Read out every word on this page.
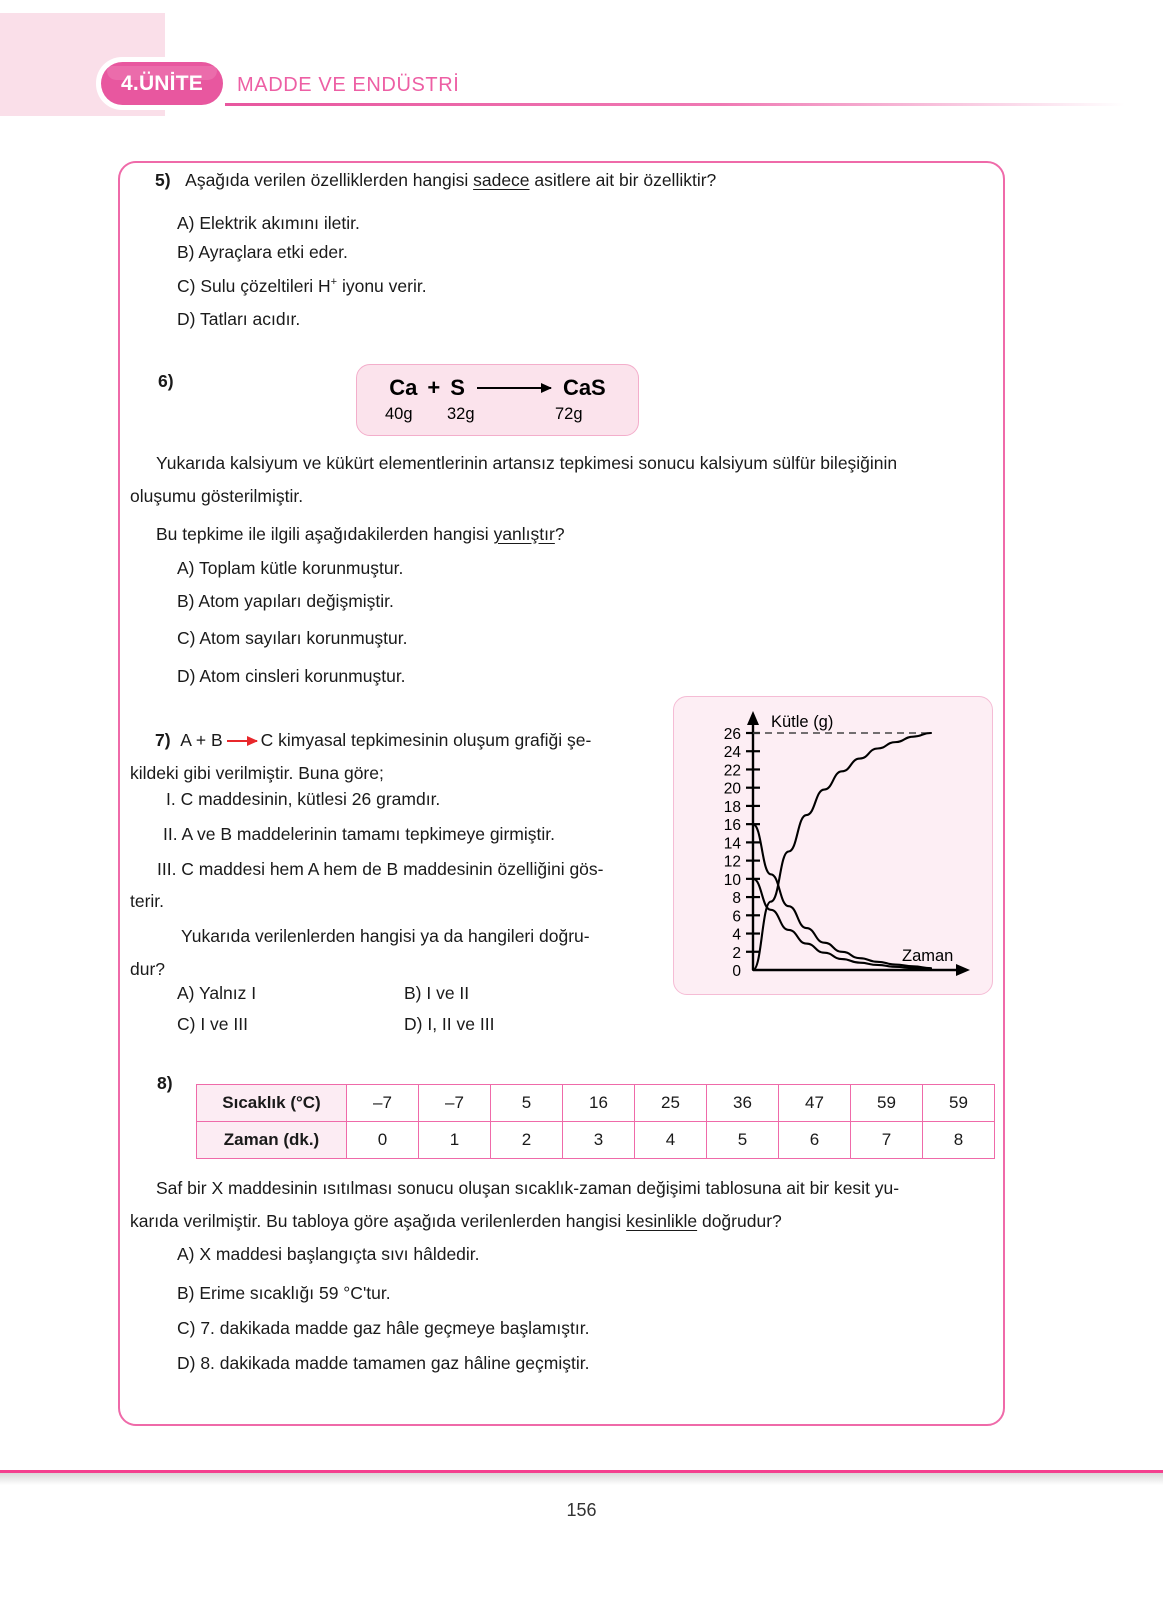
4.ÜNİTE	MADDE VE ENDÜSTRİ
5) Aşağıda verilen özelliklerden hangisi sadece asitlere ait bir özelliktir?
A) Elektrik akımını iletir.
B) Ayraçlara etki eder.
C) Sulu çözeltileri H+ iyonu verir.
D) Tatları acıdır.
6)	Ca + S → CaS
40g 32g	72g
Yukarıda kalsiyum ve kükürt elementlerinin artansız tepkimesi sonucu kalsiyum sülfür bileşiğinin
oluşumu gösterilmiştir.
Bu tepkime ile ilgili aşağıdakilerden hangisi yanlıştır?
A) Toplam kütle korunmuştur.
B) Atom yapıları değişmiştir.
C) Atom sayıları korunmuştur.
D) Atom cinsleri korunmuştur.
7) A + B C kimyasal tepkimesinin oluşum grafiği şe-
kildeki gibi verilmiştir. Buna göre;
I. C maddesinin, kütlesi 26 gramdır.
II. A ve B maddelerinin tamamı tepkimeye girmiştir.
III. C maddesi hem A hem de B maddesinin özelliğini gös-
terir.
Yukarıda verilenlerden hangisi ya da hangileri doğru-
dur?
A) Yalnız I	B) I ve II
C) I ve III	D) I, II ve III
0
2
4
6
8
10
12
14
16
18
20
22
24
26
Kütle (g)
Zaman
8)
Sıcaklık (°C)	–7	–7	5	16	25	36	47	59	59
Zaman (dk.)	0	1	2	3	4	5	6	7	8
Saf bir X maddesinin ısıtılması sonucu oluşan sıcaklık-zaman değişimi tablosuna ait bir kesit yu-
karıda verilmiştir. Bu tabloya göre aşağıda verilenlerden hangisi kesinlikle doğrudur?
A) X maddesi başlangıçta sıvı hâldedir.
B) Erime sıcaklığı 59 °C'tur.
C) 7. dakikada madde gaz hâle geçmeye başlamıştır.
D) 8. dakikada madde tamamen gaz hâline geçmiştir.
156
